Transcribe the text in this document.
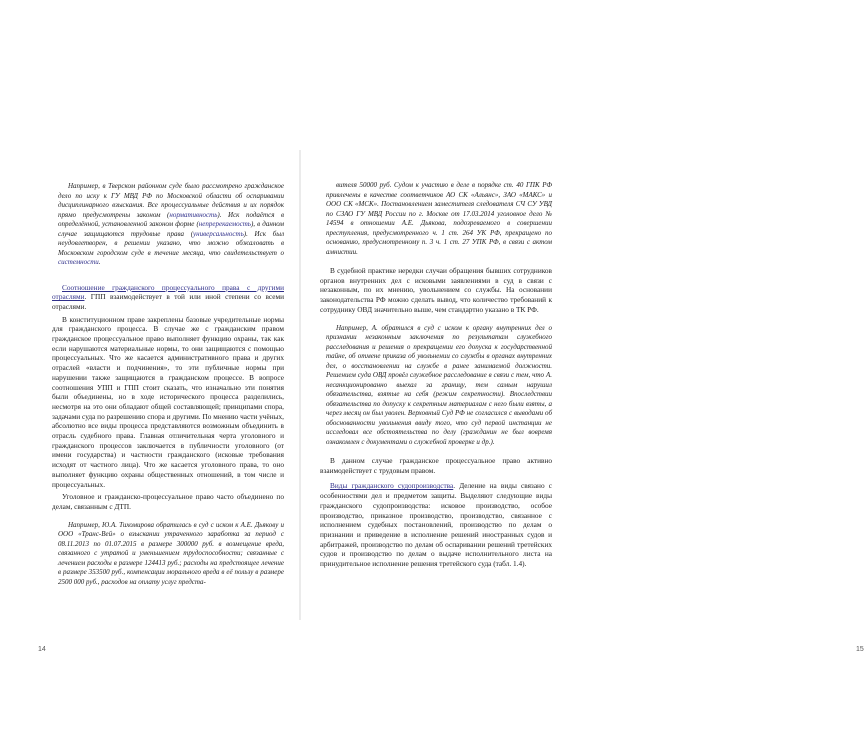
Например, в Тверском районном суде было рассмотрено гражданское дело по иску к ГУ МВД РФ по Московской области об оспаривании дисциплинарного взыскания. Все процессуальные действия и их порядок прямо предусмотрены законом (нормативность). Иск подаётся в определённой, установленной законом форме (непререкаемость), в данном случае защищаются трудовые права (универсальность). Иск был неудовлетворен, в решении указано, что можно обжаловать в Московском городском суде в течение месяца, что свидетельствует о системности.

Соотношение гражданского процессуального права с другими отраслями. ГПП взаимодействует в той или иной степени со всеми отраслями.

В конституционном праве закреплены базовые учредительные нормы для гражданского процесса. В случае же с гражданским правом гражданское процессуальное право выполняет функцию охраны, так как если нарушаются материальные нормы, то они защищаются с помощью процессуальных. Что же касается административного права и других отраслей «власти и подчинения», то эти публичные нормы при нарушении также защищаются в гражданском процессе. В вопросе соотношения УПП и ГПП стоит сказать, что изначально эти понятия были объединены, но в ходе исторического процесса разделились, несмотря на это они обладают общей составляющей; принципами спора, задачами суда по разрешению спора и другими. По мнению части учёных, абсолютно все виды процесса представляются возможным объединить в отрасль судебного права. Главная отличительная черта уголовного и гражданского процессов заключается в публичности уголовного (от имени государства) и частности гражданского (исковые требования исходят от частного лица). Что же касается уголовного права, то оно выполняет функцию охраны общественных отношений, в том числе и процессуальных.

Уголовное и гражданско-процессуальное право часто объединено по делам, связанным с ДТП.

Например, Ю.А. Тихомирова обратилась в суд с иском к А.Е. Дьякову и ООО «Транс-Вей» о взыскании утраченного заработка за период с 08.11.2013 по 01.07.2015 в размере 300000 руб. в возмещение вреда, связанного с утратой и уменьшением трудоспособности; связанные с лечением расходы в размере 124413 руб.; расходы на предстоящее лечение в размере 353500 руб., компенсации морального вреда в её пользу в размере 2500 000 руб., расходов на оплату услуг предста-

14	15

вителя 50000 руб. Судом к участию в деле в порядке ст. 40 ГПК РФ привлечены в качестве соответчиков АО СК «Альянс», ЗАО «МАКС» и ООО СК «МСК». Постановлением заместителя следователя СЧ СУ УВД по СЗАО ГУ МВД России по г. Москве от 17.03.2014 уголовное дело № 14594 в отношении А.Е. Дьякова, подозреваемого в совершении преступления, предусмотренного ч. 1 ст. 264 УК РФ, прекращено по основанию, предусмотренному п. 3 ч. 1 ст. 27 УПК РФ, в связи с актом амнистии.

В судебной практике нередки случаи обращения бывших сотрудников органов внутренних дел с исковыми заявлениями в суд в связи с незаконным, по их мнению, увольнением со службы. На основании законодательства РФ можно сделать вывод, что количество требований к сотруднику ОВД значительно выше, чем стандартно указано в ТК РФ.

Например, А. обратился в суд с иском к органу внутренних дел о признании незаконным заключения по результатам служебного расследования и решения о прекращении его допуска к государственной тайне, об отмене приказа об увольнении со службы в органах внутренних дел, о восстановлении на службе в ранее занимаемой должности. Решением суда ОВД провёл служебное расследование в связи с тем, что А. несанкционированно выехал за границу, тем самым нарушил обязательства, взятые на себя (режим секретности). Впоследствии обязательства по допуску к секретным материалам с него были взяты, а через месяц он был уволен. Верховный Суд РФ не согласился с выводами об обоснованности увольнения ввиду того, что суд первой инстанции не исследовал все обстоятельства по делу (гражданин не был вовремя ознакомлен с документами о служебной проверке и др.).

В данном случае гражданское процессуальное право активно взаимодействует с трудовым правом.

Виды гражданского судопроизводства. Деление на виды связано с особенностями дел и предметом защиты. Выделяют следующие виды гражданского судопроизводства: исковое производство, особое производство, приказное производство, производство, связанное с исполнением судебных постановлений, производство по делам о признании и приведение в исполнение решений иностранных судов и арбитражей, производство по делам об оспаривании решений третейских судов и производство по делам о выдаче исполнительного листа на принудительное исполнение решения третейского суда (табл. 1.4).
